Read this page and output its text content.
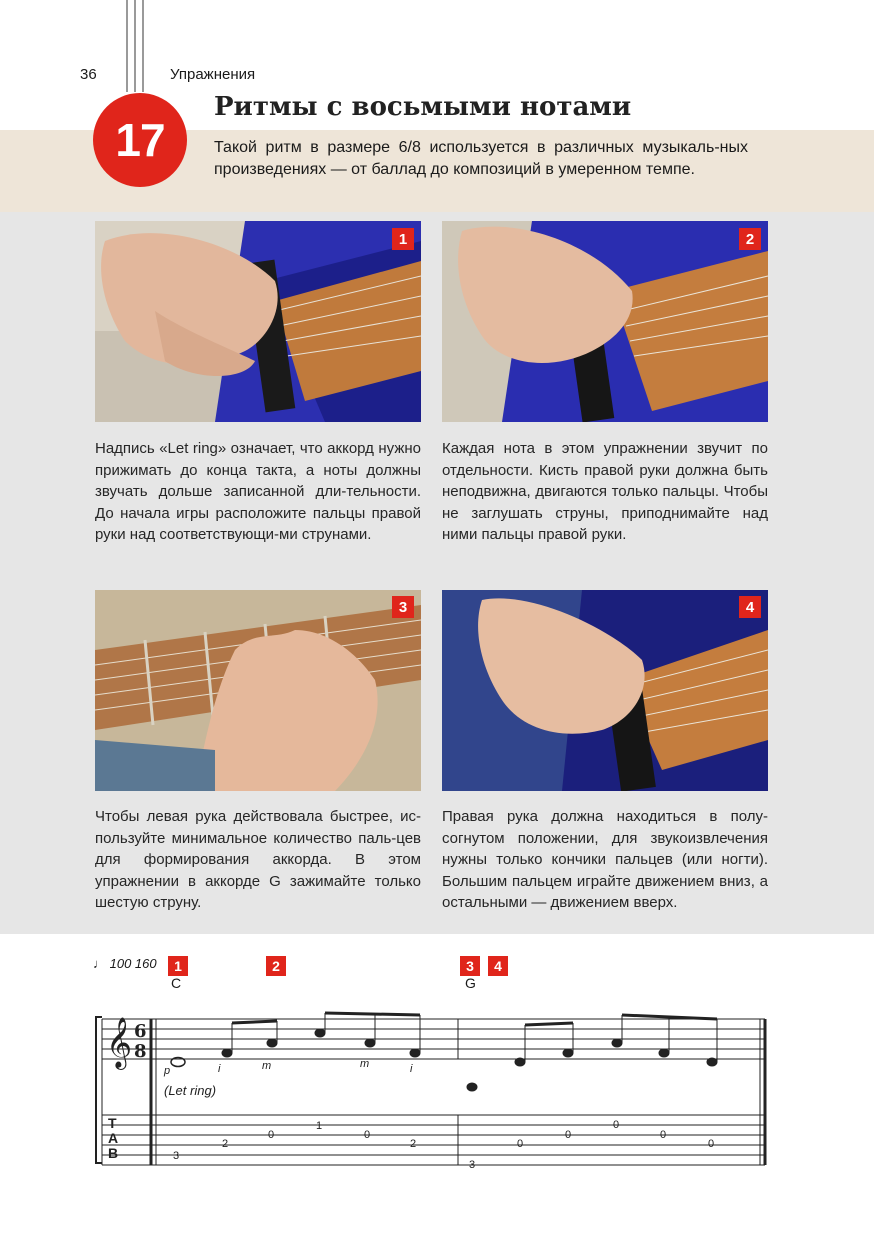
36	Упражнения
Ритмы с восьмыми нотами
17	Такой ритм в размере 6/8 используется в различных музыкаль-ных произведениях — от баллад до композиций в умеренном темпе.
1	2
Надпись «Let ring» означает, что аккорд нужно прижимать до конца такта, а ноты должны звучать дольше записанной дли-тельности. До начала игры расположите пальцы правой руки над соответствующи-ми струнами.
Каждая нота в этом упражнении звучит по отдельности. Кисть правой руки должна быть неподвижна, двигаются только пальцы. Чтобы не заглушать струны, приподнимайте над ними пальцы правой руки.
3	4
Чтобы левая рука действовала быстрее, ис-пользуйте минимальное количество паль-цев для формирования аккорда. В этом упражнении в аккорде G зажимайте только шестую струну.
Правая рука должна находиться в полу-согнутом положении, для звукоизвлечения нужны только кончики пальцев (или ногти). Большим пальцем играйте движением вниз, а остальными — движением вверх.
♩ 100 160	1	2	3	4
C	G
𝄞 6
8
p	i	m	m	i
(Let ring)
T
A
B	3
2
0
1
0
2
3
0
0
0
0
0
